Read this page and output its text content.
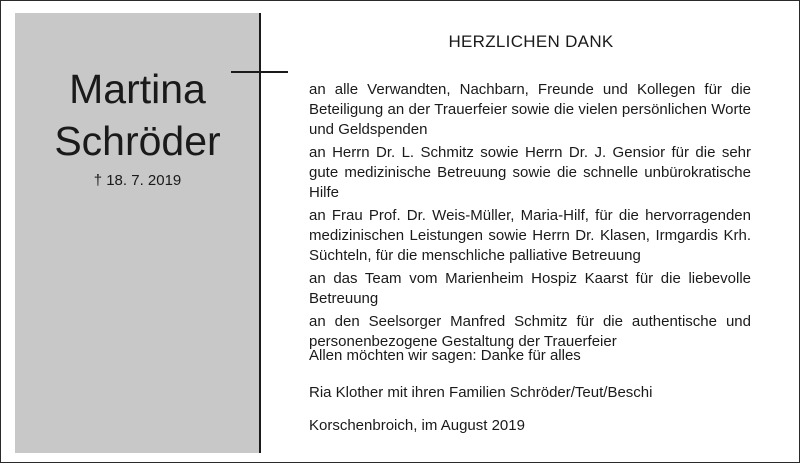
Martina
Schröder
† 18. 7. 2019
HERZLICHEN DANK
an alle Verwandten, Nachbarn, Freunde und Kollegen für die Beteiligung an der Trauerfeier sowie die vielen persönlichen Worte und Geldspenden
an Herrn Dr. L. Schmitz sowie Herrn Dr. J. Gensior für die sehr gute medizinische Betreuung sowie die schnelle unbürokratische Hilfe
an Frau Prof. Dr. Weis-Müller, Maria-Hilf, für die hervorragenden medizinischen Leistungen sowie Herrn Dr. Klasen, Irmgardis Krh. Süchteln, für die menschliche palliative Betreuung
an das Team vom Marienheim Hospiz Kaarst für die liebevolle Betreuung
an den Seelsorger Manfred Schmitz für die authentische und personenbezogene Gestaltung der Trauerfeier
Allen möchten wir sagen: Danke für alles
Ria Klother mit ihren Familien Schröder/Teut/Beschi
Korschenbroich, im August 2019
